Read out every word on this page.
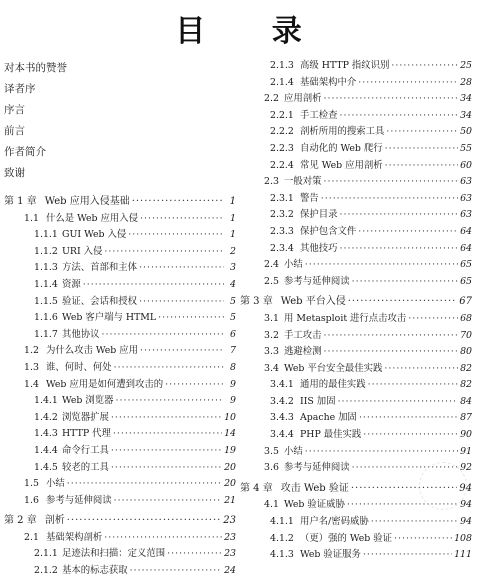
目 录
对本书的赞誉
译者序
序言
前言
作者简介
致谢
第 1 章 Web 应用入侵基础 ·····	1
1.1 什么是 Web 应用入侵 ·····	1
1.1.1 GUI Web 入侵 ·····	1
1.1.2 URI 入侵 ·····	2
1.1.3 方法、首部和主体 ·····	3
1.1.4 资源 ·····	4
1.1.5 验证、会话和授权 ·····	5
1.1.6 Web 客户端与 HTML ·····	5
1.1.7 其他协议 ·····	6
1.2 为什么攻击 Web 应用 ·····	7
1.3 谁、何时、何处 ·····	8
1.4 Web 应用是如何遭到攻击的 ·····	9
1.4.1 Web 浏览器 ·····	9
1.4.2 浏览器扩展 ·····	10
1.4.3 HTTP 代理 ·····	14
1.4.4 命令行工具 ·····	19
1.4.5 较老的工具 ·····	20
1.5 小结 ·····	20
1.6 参考与延伸阅读 ·····	21
第 2 章 剖析 ·····	23
2.1 基础架构剖析 ·····	23
2.1.1 足迹法和扫描：定义范围 ·····	23
2.1.2 基本的标志获取 ·····	24
2.1.3 高级 HTTP 指纹识别 ·····	25
2.1.4 基础架构中介 ·····	28
2.2 应用剖析 ·····	34
2.2.1 手工检查 ·····	34
2.2.2 剖析所用的搜索工具 ·····	50
2.2.3 自动化的 Web 爬行 ·····	55
2.2.4 常见 Web 应用剖析 ·····	60
2.3 一般对策 ·····	63
2.3.1 警告 ·····	63
2.3.2 保护目录 ·····	63
2.3.3 保护包含文件 ·····	64
2.3.4 其他技巧 ·····	64
2.4 小结 ·····	65
2.5 参考与延伸阅读 ·····	65
第 3 章 Web 平台入侵 ·····	67
3.1 用 Metasploit 进行点击攻击 ·····	68
3.2 手工攻击 ·····	70
3.3 逃避检测 ·····	80
3.4 Web 平台安全最佳实践 ·····	82
3.4.1 通用的最佳实践 ·····	82
3.4.2 IIS 加固 ·····	84
3.4.3 Apache 加固 ·····	87
3.4.4 PHP 最佳实践 ·····	90
3.5 小结 ·····	91
3.6 参考与延伸阅读 ·····	92
第 4 章 攻击 Web 验证 ·····	94
4.1 Web 验证威胁 ·····	94
4.1.1 用户名/密码威胁 ·····	94
4.1.2 （更）强的 Web 验证 ·····	108
4.1.3 Web 验证服务 ·····	111
